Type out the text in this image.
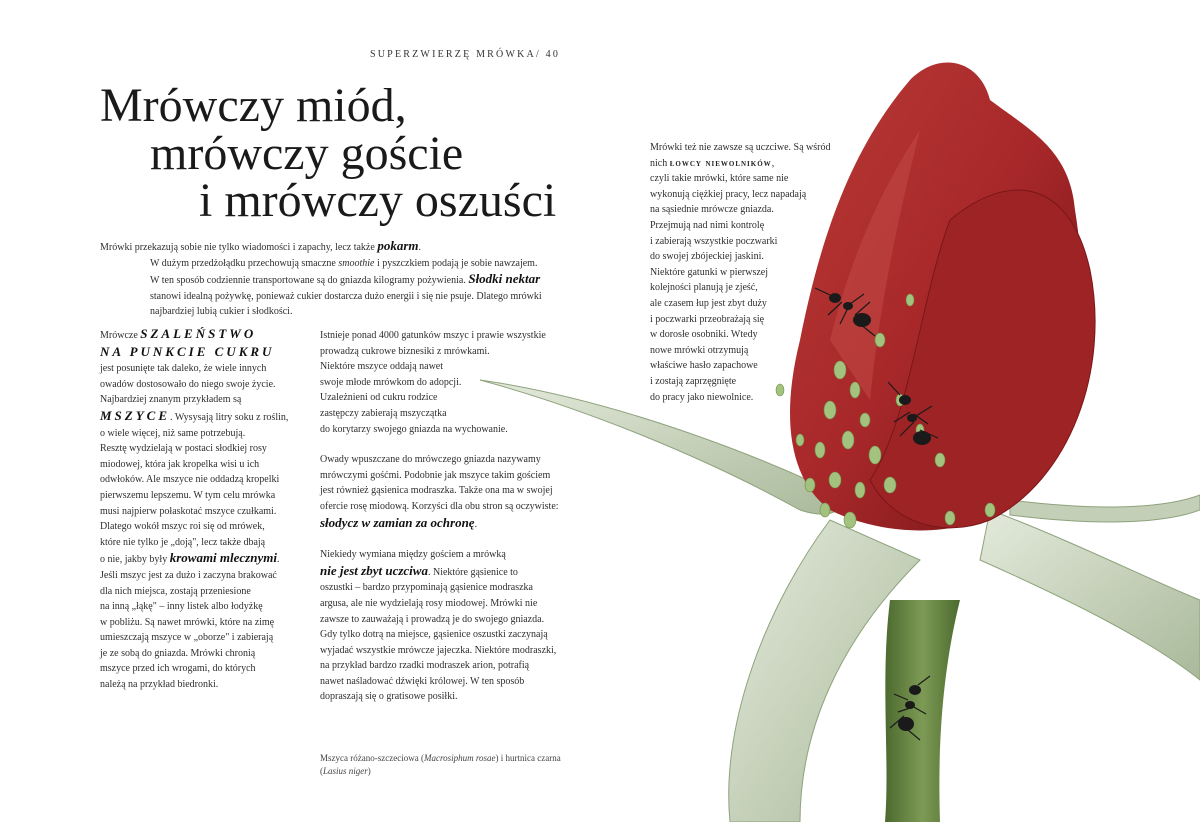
SUPERZWIERZĘ MRÓWKA/ 40
Mrówczy miód,
mrówczy goście
i mrówczy oszuści

Mrówki przekazują sobie nie tylko wiadomości i zapachy, lecz także pokarm.

W dużym przedżołądku przechowują smaczne smoothie i pyszczkiem podają je sobie nawzajem.

W ten sposób codziennie transportowane są do gniazda kilogramy pożywienia. Słodki nektar

stanowi idealną pożywkę, ponieważ cukier dostarcza dużo energii i się nie psuje. Dlatego mrówki

najbardziej lubią cukier i słodkości.

Mrówcze SZALEŃSTWO

NA PUNKCIE CUKRU

jest posunięte tak daleko, że wiele innych

owadów dostosowało do niego swoje życie.

Najbardziej znanym przykładem są

MSZYCE. Wysysają litry soku z roślin,

o wiele więcej, niż same potrzebują.

Resztę wydzielają w postaci słodkiej rosy

miodowej, która jak kropelka wisi u ich

odwłoków. Ale mszyce nie oddadzą kropelki

pierwszemu lepszemu. W tym celu mrówka

musi najpierw połaskotać mszyce czułkami.

Dlatego wokół mszyc roi się od mrówek,

które nie tylko je „doją", lecz także dbają

o nie, jakby były krowami mlecznymi.

Jeśli mszyc jest za dużo i zaczyna brakować

dla nich miejsca, zostają przeniesione

na inną „łąkę" – inny listek albo łodyżkę

w pobliżu. Są nawet mrówki, które na zimę

umieszczają mszyce w „oborze" i zabierają

je ze sobą do gniazda. Mrówki chronią

mszyce przed ich wrogami, do których

należą na przykład biedronki.

Istnieje ponad 4000 gatunków mszyc i prawie wszystkie

prowadzą cukrowe biznesiki z mrówkami.

Niektóre mszyce oddają nawet

swoje młode mrówkom do adopcji.

Uzależnieni od cukru rodzice

zastępczy zabierają mszyczątka

do korytarzy swojego gniazda na wychowanie.

Owady wpuszczane do mrówczego gniazda nazywamy

mrówczymi gośćmi. Podobnie jak mszyce takim gościem

jest również gąsienica modraszka. Także ona ma w swojej

ofercie rosę miodową. Korzyści dla obu stron są oczywiste:

słodycz w zamian za ochronę.

Niekiedy wymiana między gościem a mrówką

nie jest zbyt uczciwa. Niektóre gąsienice to

oszustki – bardzo przypominają gąsienice modraszka

argusa, ale nie wydzielają rosy miodowej. Mrówki nie

zawsze to zauważają i prowadzą je do swojego gniazda.

Gdy tylko dotrą na miejsce, gąsienice oszustki zaczynają

wyjadać wszystkie mrówcze jajeczka. Niektóre modraszki,

na przykład bardzo rzadki modraszek arion, potrafią

nawet naśladować dźwięki królowej. W ten sposób

dopraszają się o gratisowe posiłki.

Mrówki też nie zawsze są uczciwe. Są wśród

nich łowcy niewolników,

czyli takie mrówki, które same nie

wykonują ciężkiej pracy, lecz napadają

na sąsiednie mrówcze gniazda.

Przejmują nad nimi kontrolę

i zabierają wszystkie poczwarki

do swojej zbójeckiej jaskini.

Niektóre gatunki w pierwszej

kolejności planują je zjeść,

ale czasem łup jest zbyt duży

i poczwarki przeobrażają się

w dorosłe osobniki. Wtedy

nowe mrówki otrzymują

właściwe hasło zapachowe

i zostają zaprzęgnięte

do pracy jako niewolnice.

Mszyca różano-szczeciowa (Macrosiphum rosae) i hurtnica czarna
(Lasius niger)
